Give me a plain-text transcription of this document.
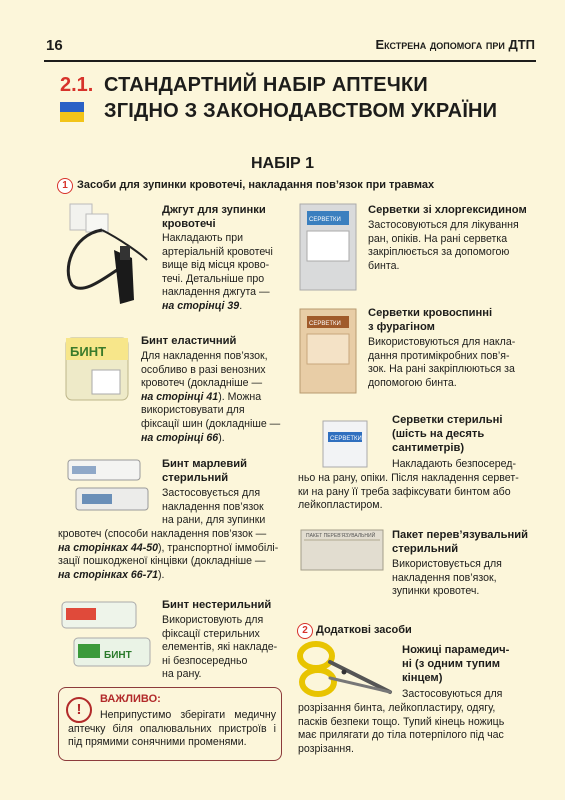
16	Екстрена допомога при ДТП
2.1. СТАНДАРТНИЙ НАБІР АПТЕЧКИ
ЗГІДНО З ЗАКОНОДАВСТВОМ УКРАЇНИ
НАБІР 1
1 Засоби для зупинки кровотечі, накладання пов’язок при травмах
Джгут для зупинки
кровотечі
Накладають при
артеріальній кровотечі
вище від місця крово-
течі. Детальніше про
накладення джгута —
на сторінці 39.
БИНТ
Бинт еластичний
Для накладення пов’язок,
особливо в разі венозних
кровотеч (докладніше —
на сторінці 41). Можна
використовувати для
фіксації шин (докладніше —
на сторінці 66).
Бинт марлевий
стерильний
Застосовується для
накладення пов’язок
на рани, для зупинки
кровотеч (способи накладення пов’язок —
на сторінках 44-50), транспортної іммобілі-
зації пошкодженої кінцівки (докладніше —
на сторінках 66-71).
БИНТ
Бинт нестерильний
Використовують для
фіксації стерильних
елементів, які накладе-
ні безпосередньо
на рану.
!
ВАЖЛИВО:
Неприпустимо зберігати медичну аптечку біля опалювальних пристроїв і під прямими сонячними променями.
СЕРВЕТКИ
Серветки зі хлоргексидином
Застосовуються для лікування
ран, опіків. На рані серветка
закріплюється за допомогою
бинта.
СЕРВЕТКИ
Серветки кровоспинні
з фурагіном
Використовуються для накла-
дання протимікробних пов’я-
зок. На рані закріплюються за
допомогою бинта.
СЕРВЕТКИ
Серветки стерильні
(шість на десять
сантиметрів)
Накладають безпосеред-
ньо на рану, опіки. Після накладення сервет-
ки на рану її треба зафіксувати бинтом або
лейкопластиром.
ПАКЕТ ПЕРЕВ'ЯЗУВАЛЬНИЙ Пакет перев’язувальний
стерильний
Використовується для
накладення пов’язок,
зупинки кровотеч.
2 Додаткові засоби
Ножиці парамедич-
ні (з одним тупим
кінцем)
Застосовуються для
розрізання бинта, лейкопластиру, одягу,
пасків безпеки тощо. Тупий кінець ножиць
має прилягати до тіла потерпілого під час
розрізання.
